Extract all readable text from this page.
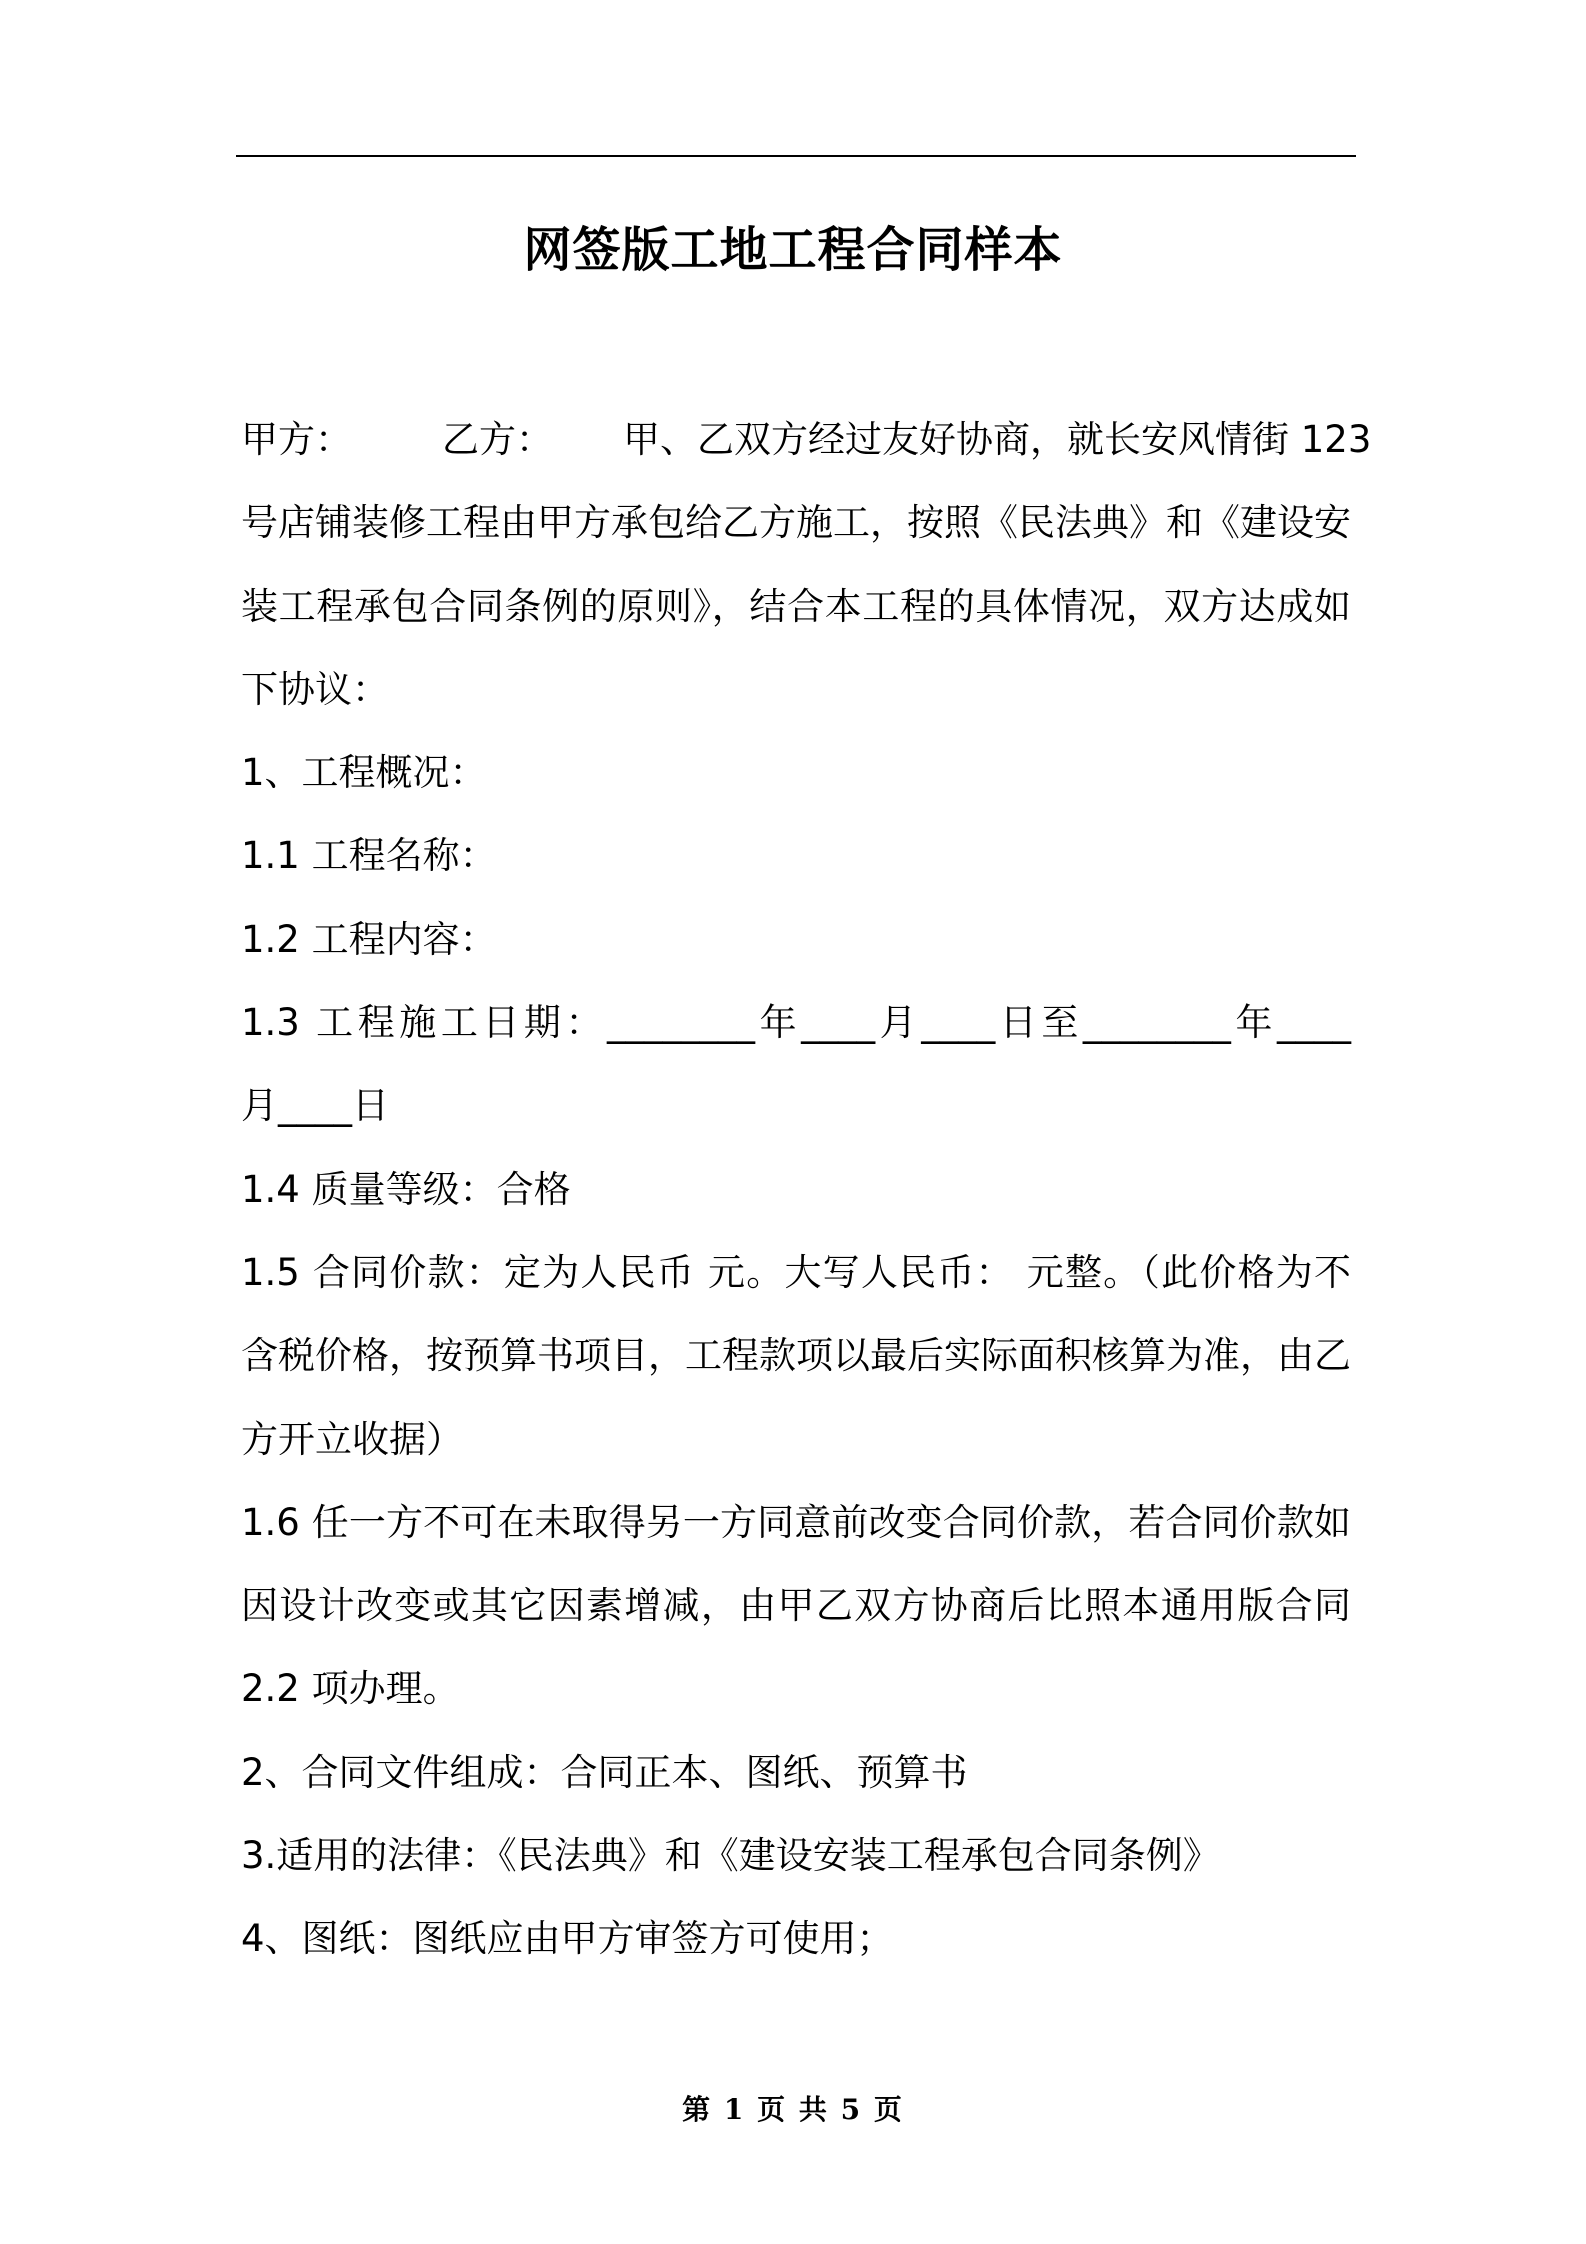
网签版工地工程合同样本
甲方： 乙方： 甲、乙双方经过友好协商，就长安风情街 123
号店铺装修工程由甲方承包给乙方施工，按照《民法典》和《建设安
装工程承包合同条例的原则》，结合本工程的具体情况，双方达成如
下协议：
1、工程概况：
1.1 工程名称：
1.2 工程内容：
1.3 工程施工日期：________年____月____日至________年____
月____日
1.4 质量等级：合格
1.5 合同价款：定为人民币 元。大写人民币： 元整。（此价格为不
含税价格，按预算书项目，工程款项以最后实际面积核算为准，由乙
方开立收据）
1.6 任一方不可在未取得另一方同意前改变合同价款，若合同价款如
因设计改变或其它因素增减，由甲乙双方协商后比照本通用版合同
2.2 项办理。
2、合同文件组成：合同正本、图纸、预算书
3.适用的法律：《民法典》和《建设安装工程承包合同条例》
4、图纸：图纸应由甲方审签方可使用；
第 1 页 共 5 页
